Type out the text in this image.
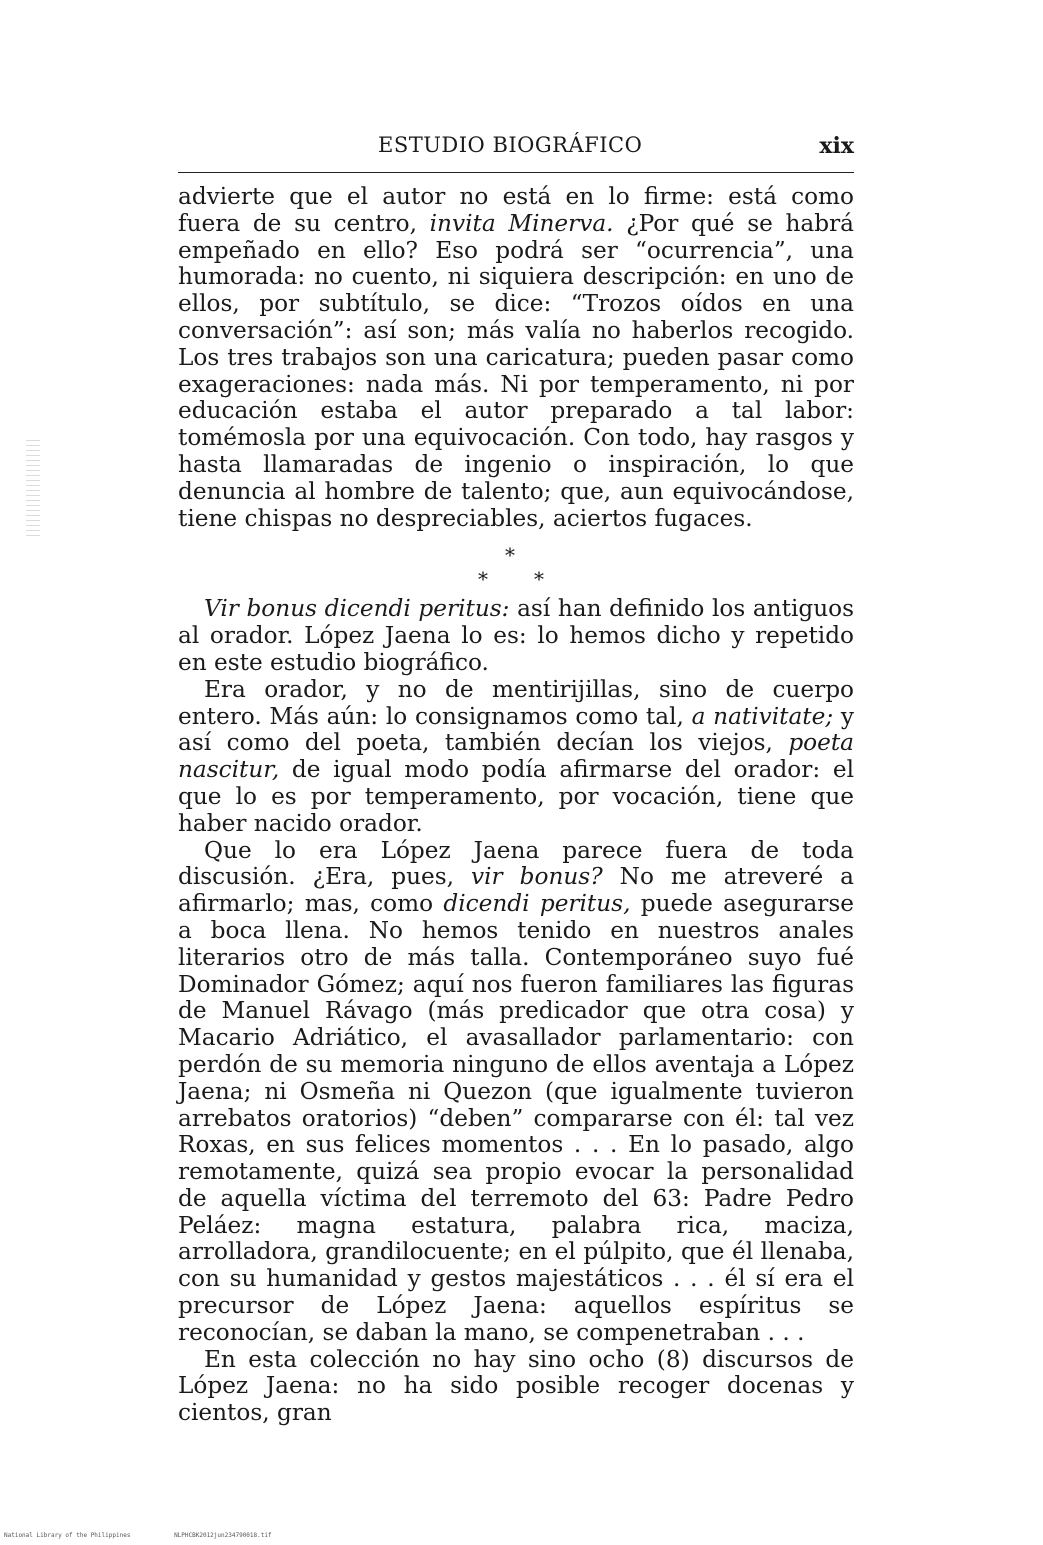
ESTUDIO BIOGRÁFICO	xix

advierte que el autor no está en lo firme: está como fuera de su centro, invita Minerva. ¿Por qué se habrá empeñado en ello? Eso podrá ser “ocurrencia”, una humorada: no cuento, ni siquiera descripción: en uno de ellos, por subtítulo, se dice: “Trozos oídos en una conversación”: así son; más valía no haberlos recogido. Los tres trabajos son una caricatura; pueden pasar como exageraciones: nada más. Ni por temperamento, ni por educación estaba el autor preparado a tal labor: tomémosla por una equivocación. Con todo, hay rasgos y hasta llamaradas de ingenio o inspiración, lo que denuncia al hombre de talento; que, aun equivocándose, tiene chispas no despreciables, aciertos fugaces.

*
* *

Vir bonus dicendi peritus: así han definido los antiguos al orador. López Jaena lo es: lo hemos dicho y repetido en este estudio biográfico.

Era orador, y no de mentirijillas, sino de cuerpo entero. Más aún: lo consignamos como tal, a nativitate; y así como del poeta, también decían los viejos, poeta nascitur, de igual modo podía afirmarse del orador: el que lo es por temperamento, por vocación, tiene que haber nacido orador.

Que lo era López Jaena parece fuera de toda discusión. ¿Era, pues, vir bonus? No me atreveré a afirmarlo; mas, como dicendi peritus, puede asegurarse a boca llena. No hemos tenido en nuestros anales literarios otro de más talla. Contemporáneo suyo fué Dominador Gómez; aquí nos fueron familiares las figuras de Manuel Rávago (más predicador que otra cosa) y Macario Adriático, el avasallador parlamentario: con perdón de su memoria ninguno de ellos aventaja a López Jaena; ni Osmeña ni Quezon (que igualmente tuvieron arrebatos oratorios) “deben” compararse con él: tal vez Roxas, en sus felices momentos . . . En lo pasado, algo remotamente, quizá sea propio evocar la personalidad de aquella víctima del terremoto del 63: Padre Pedro Peláez: magna estatura, palabra rica, maciza, arrolladora, grandilocuente; en el púlpito, que él llenaba, con su humanidad y gestos majestáticos . . . él sí era el precursor de López Jaena: aquellos espíritus se reconocían, se daban la mano, se compenetraban . . .

En esta colección no hay sino ocho (8) discursos de López Jaena: no ha sido posible recoger docenas y cientos, gran

National Library of the Philippines	NLPHCBK2012jun234790018.tif
